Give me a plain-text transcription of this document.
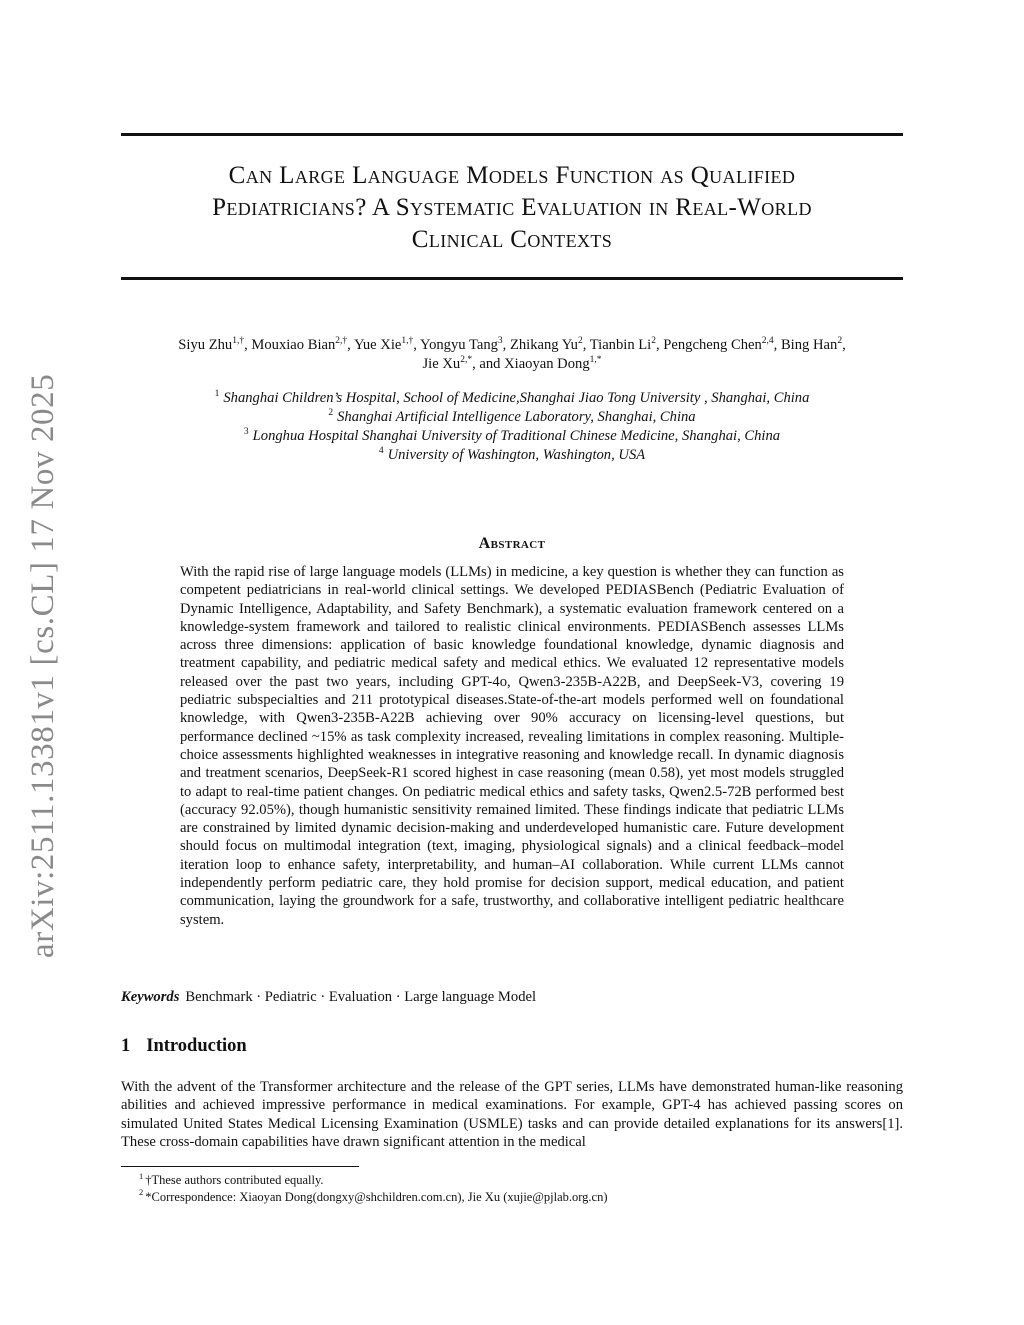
arXiv:2511.13381v1 [cs.CL] 17 Nov 2025
Can Large Language Models Function as Qualified
Pediatricians? A Systematic Evaluation in Real-World
Clinical Contexts
Siyu Zhu$^{1,\dagger}$, Mouxiao Bian$^{2,\dagger}$, Yue Xie$^{1,\dagger}$, Yongyu Tang$^3$, Zhikang Yu$^2$, Tianbin Li$^2$, Pengcheng Chen$^{2,4}$, Bing Han$^2$,
Jie $Xu^{2,*}$, and Xiaoyan Dong$^{1,*}$
$^1$ Shanghai Children’s Hospital, School of Medicine,Shanghai Jiao Tong University , Shanghai, China
$^2$ Shanghai Artificial Intelligence Laboratory, Shanghai, China
$^3$ Longhua Hospital Shanghai University of Traditional Chinese Medicine, Shanghai, China
$^4$ University of Washington, Washington, USA
Abstract
With the rapid rise of large language models (LLMs) in medicine, a key question is whether they can function as competent pediatricians in real-world clinical settings. We developed PEDIASBench (Pediatric Evaluation of Dynamic Intelligence, Adaptability, and Safety Benchmark), a systematic evaluation framework centered on a knowledge-system framework and tailored to realistic clinical environments. PEDIASBench assesses LLMs across three dimensions: application of basic knowledge foundational knowledge, dynamic diagnosis and treatment capability, and pediatric medical safety and medical ethics. We evaluated 12 representative models released over the past two years, including GPT-4o, Qwen3-235B-A22B, and DeepSeek-V3, covering 19 pediatric subspecialties and 211 prototypical diseases.State-of-the-art models performed well on foundational knowledge, with Qwen3-235B-A22B achieving over 90% accuracy on licensing-level questions, but performance declined ~15% as task complexity increased, revealing limitations in complex reasoning. Multiple-choice assessments highlighted weaknesses in integrative reasoning and knowledge recall. In dynamic diagnosis and treatment scenarios, DeepSeek-R1 scored highest in case reasoning (mean 0.58), yet most models struggled to adapt to real-time patient changes. On pediatric medical ethics and safety tasks, Qwen2.5-72B performed best (accuracy 92.05%), though humanistic sensitivity remained limited. These findings indicate that pediatric LLMs are constrained by limited dynamic decision-making and underdeveloped humanistic care. Future development should focus on multimodal integration (text, imaging, physiological signals) and a clinical feedback–model iteration loop to enhance safety, interpretability, and human–AI collaboration. While current LLMs cannot independently perform pediatric care, they hold promise for decision support, medical education, and patient communication, laying the groundwork for a safe, trustworthy, and collaborative intelligent pediatric healthcare system.
Keywords Benchmark · Pediatric · Evaluation · Large language Model
1 Introduction
With the advent of the Transformer architecture and the release of the GPT series, LLMs have demonstrated human-like reasoning abilities and achieved impressive performance in medical examinations. For example, GPT-4 has achieved passing scores on simulated United States Medical Licensing Examination (USMLE) tasks and can provide detailed explanations for its answers[1]. These cross-domain capabilities have drawn significant attention in the medical
$^1$ †These authors contributed equally.
$^2$ *Correspondence: Xiaoyan Dong(dongxy@shchildren.com.cn), Jie Xu (xujie@pjlab.org.cn)
